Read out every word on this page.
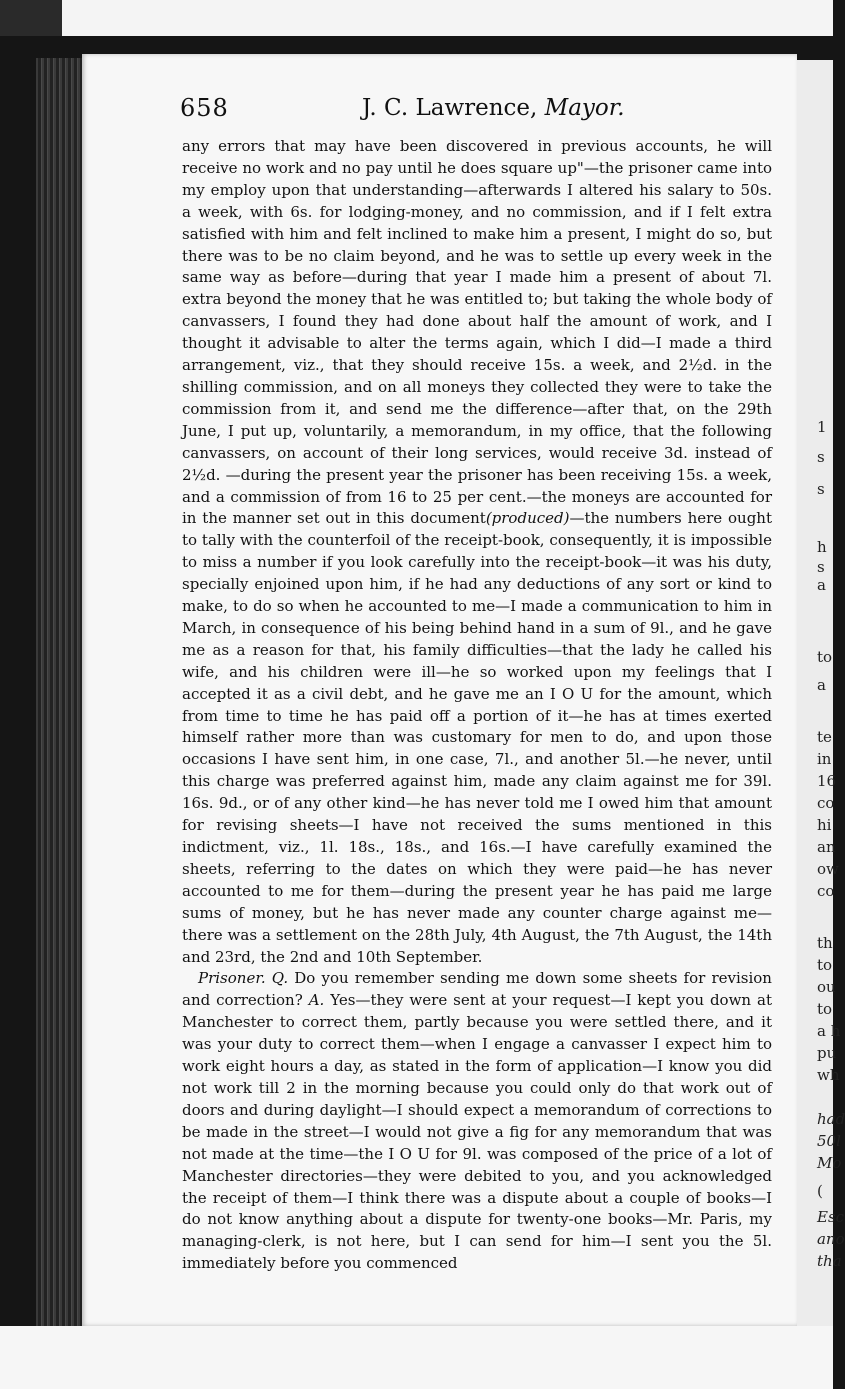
658	J. C. Lawrence, Mayor.

any errors that may have been discovered in previous accounts, he will receive no work and no pay until he does square up"—the prisoner came into my employ upon that understanding—afterwards I altered his salary to 50s. a week, with 6s. for lodging-money, and no commission, and if I felt extra satisfied with him and felt inclined to make him a present, I might do so, but there was to be no claim beyond, and he was to settle up every week in the same way as before—during that year I made him a present of about 7l. extra beyond the money that he was entitled to; but taking the whole body of canvassers, I found they had done about half the amount of work, and I thought it advisable to alter the terms again, which I did—I made a third arrangement, viz., that they should receive 15s. a week, and 2½d. in the shilling commission, and on all moneys they collected they were to take the commission from it, and send me the difference—after that, on the 29th June, I put up, voluntarily, a memorandum, in my office, that the following canvassers, on account of their long services, would receive 3d. instead of 2½d. —during the present year the prisoner has been receiving 15s. a week, and a commission of from 16 to 25 per cent.—the moneys are accounted for in the manner set out in this document(produced)—the numbers here ought to tally with the counterfoil of the receipt-book, consequently, it is impossible to miss a number if you look carefully into the receipt-book—it was his duty, specially enjoined upon him, if he had any deductions of any sort or kind to make, to do so when he accounted to me—I made a communication to him in March, in consequence of his being behind hand in a sum of 9l., and he gave me as a reason for that, his family difficulties—that the lady he called his wife, and his children were ill—he so worked upon my feelings that I accepted it as a civil debt, and he gave me an I O U for the amount, which from time to time he has paid off a portion of it—he has at times exerted himself rather more than was customary for men to do, and upon those occasions I have sent him, in one case, 7l., and another 5l.—he never, until this charge was preferred against him, made any claim against me for 39l. 16s. 9d., or of any other kind—he has never told me I owed him that amount for revising sheets—I have not received the sums mentioned in this indictment, viz., 1l. 18s., 18s., and 16s.—I have carefully examined the sheets, referring to the dates on which they were paid—he has never accounted to me for them—during the present year he has paid me large sums of money, but he has never made any counter charge against me—there was a settlement on the 28th July, 4th August, the 7th August, the 14th and 23rd, the 2nd and 10th September.

Prisoner. Q. Do you remember sending me down some sheets for revision and correction? A. Yes—they were sent at your request—I kept you down at Manchester to correct them, partly because you were settled there, and it was your duty to correct them—when I engage a canvasser I expect him to work eight hours a day, as stated in the form of application—I know you did not work till 2 in the morning because you could only do that work out of doors and during daylight—I should expect a memorandum of corrections to be made in the street—I would not give a fig for any memorandum that was not made at the time—the I O U for 9l. was composed of the price of a lot of Manchester directories—they were debited to you, and you acknowledged the receipt of them—I think there was a dispute about a couple of books—I do not know anything about a dispute for twenty-one books—Mr. Paris, my managing-clerk, is not here, but I can send for him—I sent you the 5l. immediately before you commenced

1
s
s
h
s
a
to
a
te
in
16
co
hi
an
ow
co
th
to
ou
to
a h
pu
wh
had
50l
Mo
(
Esc
ano
tha
